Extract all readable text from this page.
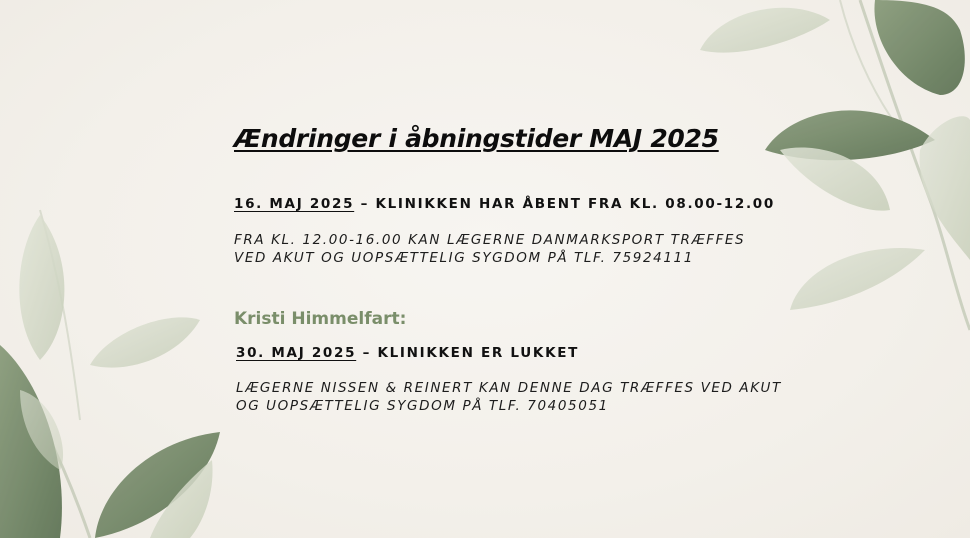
Ændringer i åbningstider MAJ 2025
16. MAJ 2025 – KLINIKKEN HAR ÅBENT FRA KL. 08.00-12.00
FRA KL. 12.00-16.00 KAN LÆGERNE DANMARKSPORT TRÆFFES
VED AKUT OG UOPSÆTTELIG SYGDOM PÅ TLF. 75924111
Kristi Himmelfart:
30. MAJ 2025 – KLINIKKEN ER LUKKET
LÆGERNE NISSEN & REINERT KAN DENNE DAG TRÆFFES VED AKUT
OG UOPSÆTTELIG SYGDOM PÅ TLF. 70405051
